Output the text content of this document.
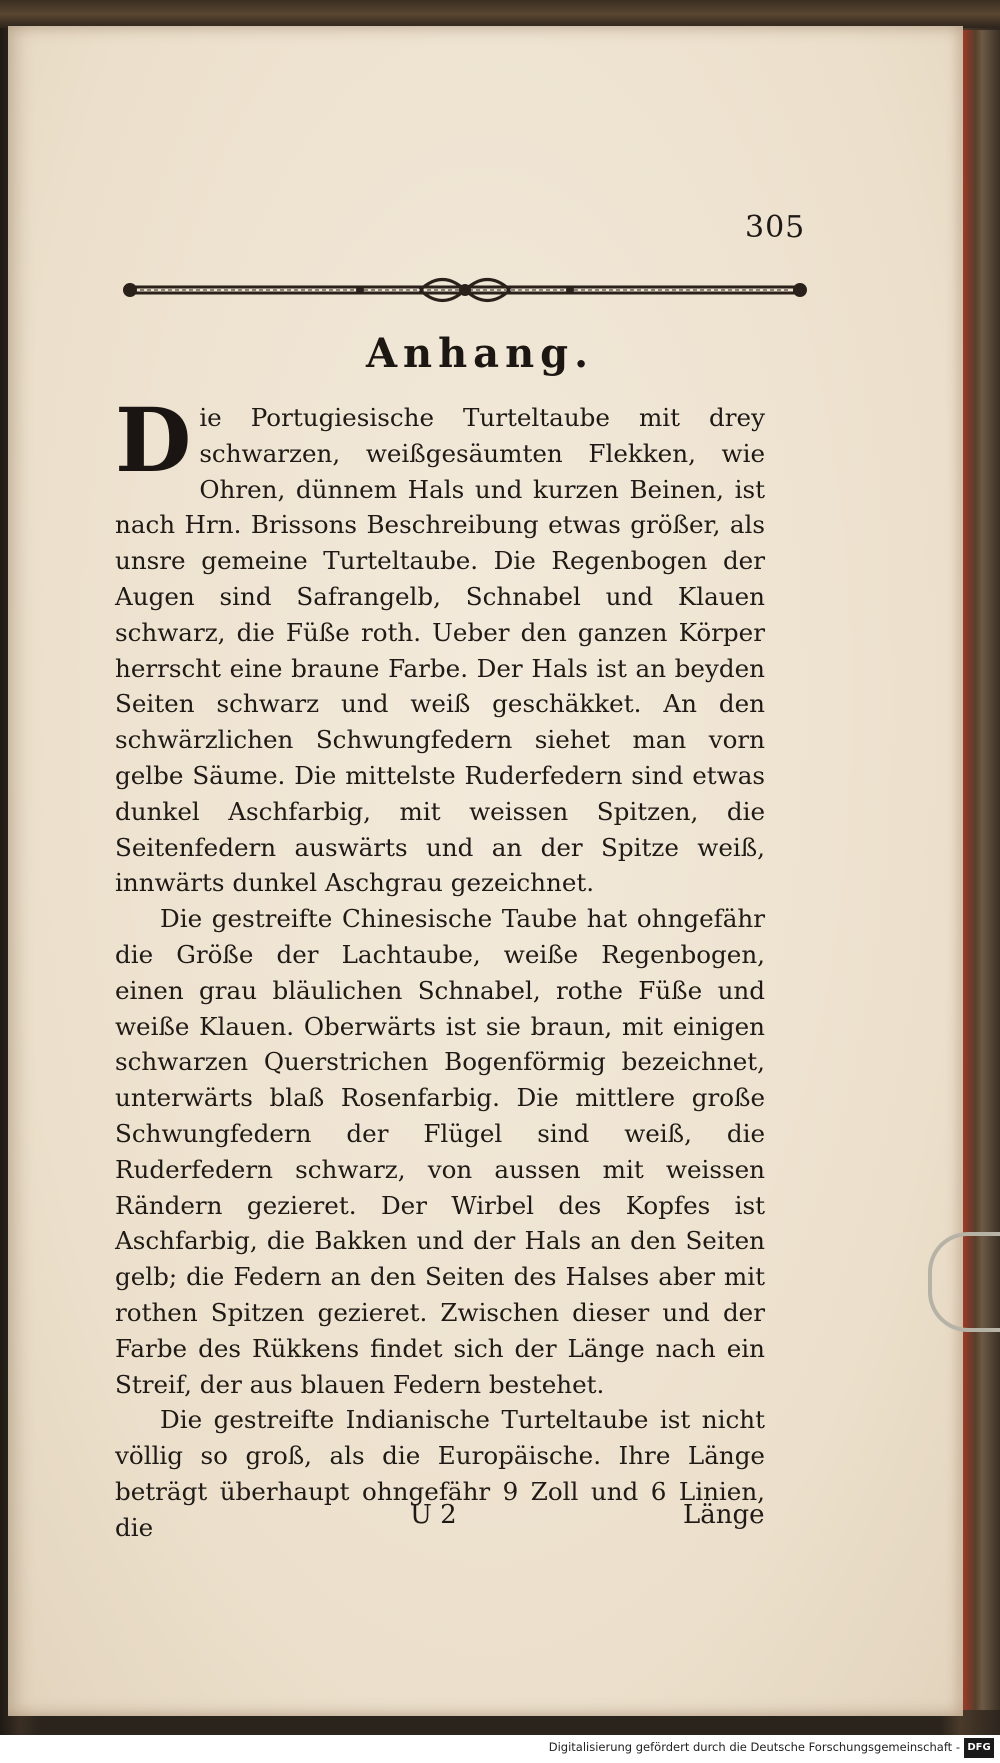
305
Anhang.

Die Portugiesische Turteltaube mit drey schwarzen, weißgesäumten Flekken, wie Ohren, dünnem Hals und kurzen Beinen, ist nach Hrn. Brissons Beschreibung etwas größer, als unsre gemeine Turteltaube. Die Regenbogen der Augen sind Safrangelb, Schnabel und Klauen schwarz, die Füße roth. Ueber den ganzen Körper herrscht eine braune Farbe. Der Hals ist an beyden Seiten schwarz und weiß geschäkket. An den schwärzlichen Schwungfedern siehet man vorn gelbe Säume. Die mittelste Ruderfedern sind etwas dunkel Aschfarbig, mit weissen Spitzen, die Seitenfedern auswärts und an der Spitze weiß, innwärts dunkel Aschgrau gezeichnet.

Die gestreifte Chinesische Taube hat ohngefähr die Größe der Lachtaube, weiße Regenbogen, einen grau bläulichen Schnabel, rothe Füße und weiße Klauen. Oberwärts ist sie braun, mit einigen schwarzen Querstrichen Bogenförmig bezeichnet, unterwärts blaß Rosenfarbig. Die mittlere große Schwungfedern der Flügel sind weiß, die Ruderfedern schwarz, von aussen mit weissen Rändern gezieret. Der Wirbel des Kopfes ist Aschfarbig, die Bakken und der Hals an den Seiten gelb; die Federn an den Seiten des Halses aber mit rothen Spitzen gezieret. Zwischen dieser und der Farbe des Rükkens findet sich der Länge nach ein Streif, der aus blauen Federn bestehet.

Die gestreifte Indianische Turteltaube ist nicht völlig so groß, als die Europäische. Ihre Länge beträgt überhaupt ohngefähr 9 Zoll und 6 Linien, die	U 2	Länge
Digitalisierung gefördert durch die Deutsche Forschungsgemeinschaft - DFG
